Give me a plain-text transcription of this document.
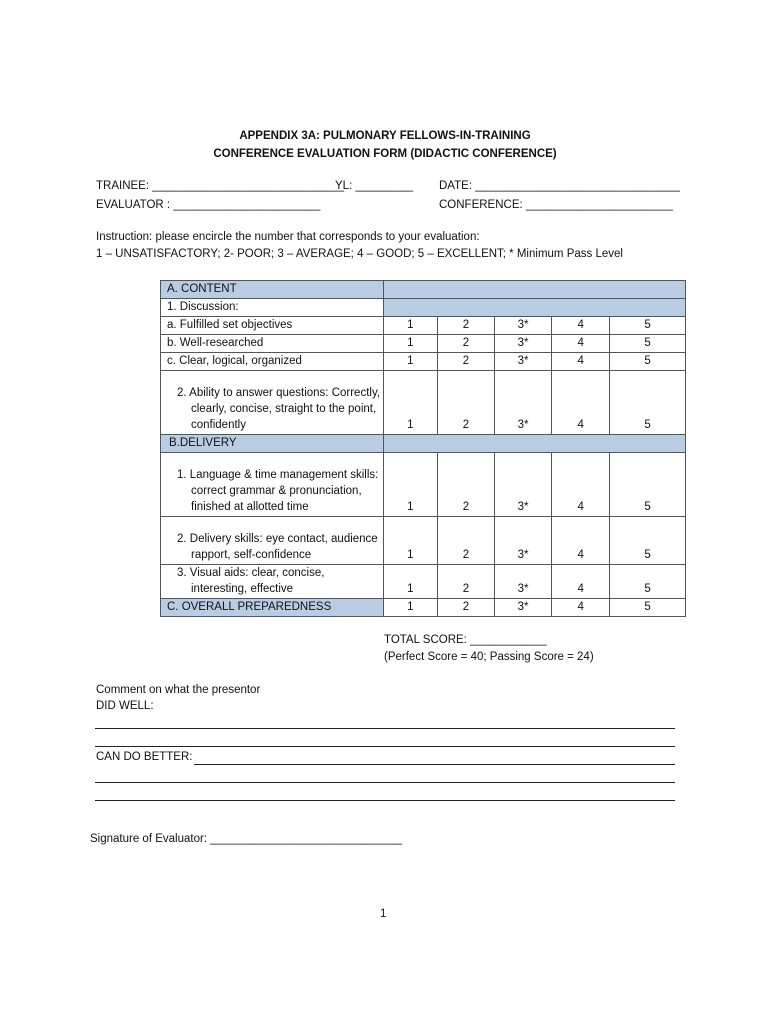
APPENDIX 3A: PULMONARY FELLOWS-IN-TRAINING
CONFERENCE EVALUATION FORM (DIDACTIC CONFERENCE)
TRAINEE: ______________________________
YL: _________ DATE: ________________________________
EVALUATOR : _______________________	CONFERENCE: _______________________
Instruction: please encircle the number that corresponds to your evaluation:
1 – UNSATISFACTORY; 2- POOR; 3 – AVERAGE; 4 – GOOD; 5 – EXCELLENT; * Minimum Pass Level
A. CONTENT					
1. Discussion:					
a. Fulfilled set objectives	1	2	3*	4	5
b. Well-researched	1	2	3*	4	5
c. Clear, logical, organized	1	2	3*	4	5

2. Ability to answer questions: Correctly, clearly, concise, straight to the point, confidently	1	2	3*	4	5
B.DELIVERY					

1. Language & time management skills: correct grammar & pronunciation, finished at allotted time	1	2	3*	4	5

2. Delivery skills: eye contact, audience rapport, self-confidence	1	2	3*	4	5

3. Visual aids: clear, concise, interesting, effective	1	2	3*	4	5
C. OVERALL PREPAREDNESS	1	2	3*	4	5
TOTAL SCORE: ____________
(Perfect Score = 40; Passing Score = 24)
Comment on what the presentor
DID WELL:
CAN DO BETTER:
Signature of Evaluator: ______________________________
1
